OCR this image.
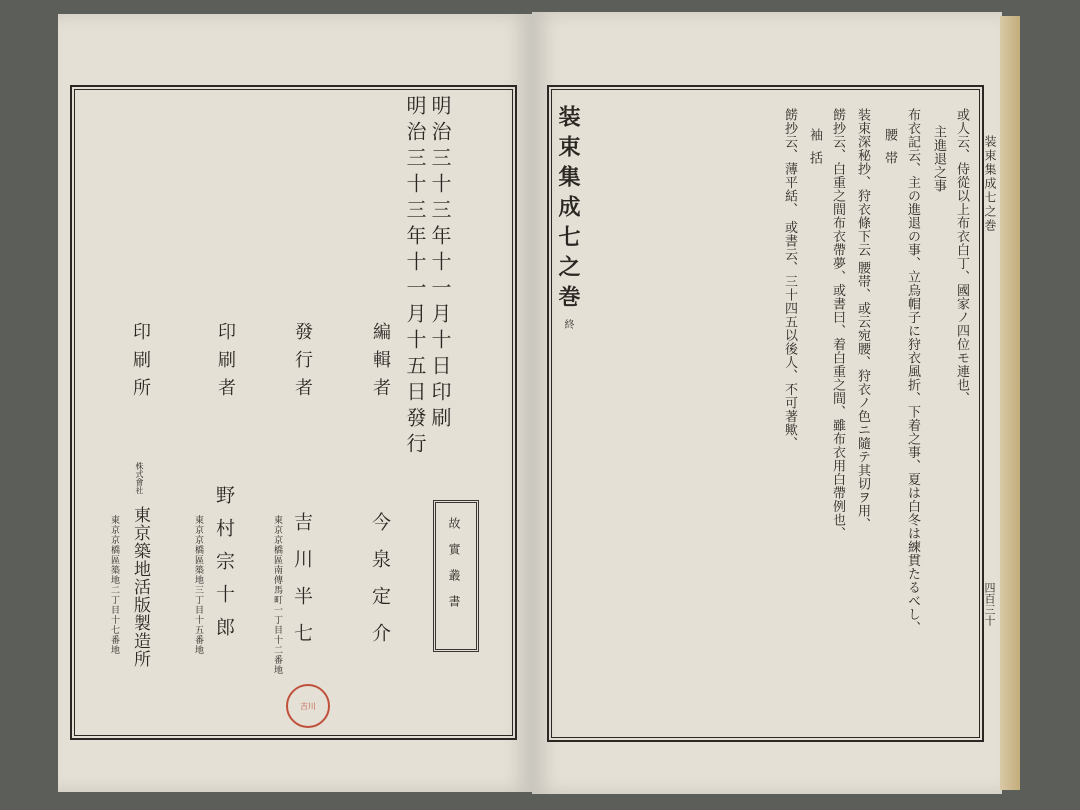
明治三十三年十一月十日印刷
明治三十三年十一月十五日發行
故實叢書
編輯者
今泉定介
發行者
吉川半七
東京京橋區南傳馬町一丁目十二番地
吉川
印刷者
野村宗十郎
東京京橋區築地三丁目十五番地
印刷所
株式會社
東京築地活版製造所
東京京橋區築地二丁目十七番地
装束集成七之巻
四百三十
或人云、侍從以上布衣白丁、國家ノ四位モ連也、
主進退之事
布衣記云、主の進退の事、立烏帽子に狩衣風折、下着之事、夏は白冬は練貫たるべし、
腰帯
装束深秘抄、狩衣條下云 腰帯、或云宛腰、狩衣ノ色ニ隨テ其切ヲ用、
餝抄云、白重之間布衣帶夢、或書曰、着白重之間、雖布衣用白帶例也、
袖括
餝抄云、薄平絬、 或書云、三十四五以後人、不可著歟、
装束集成七之巻
終
